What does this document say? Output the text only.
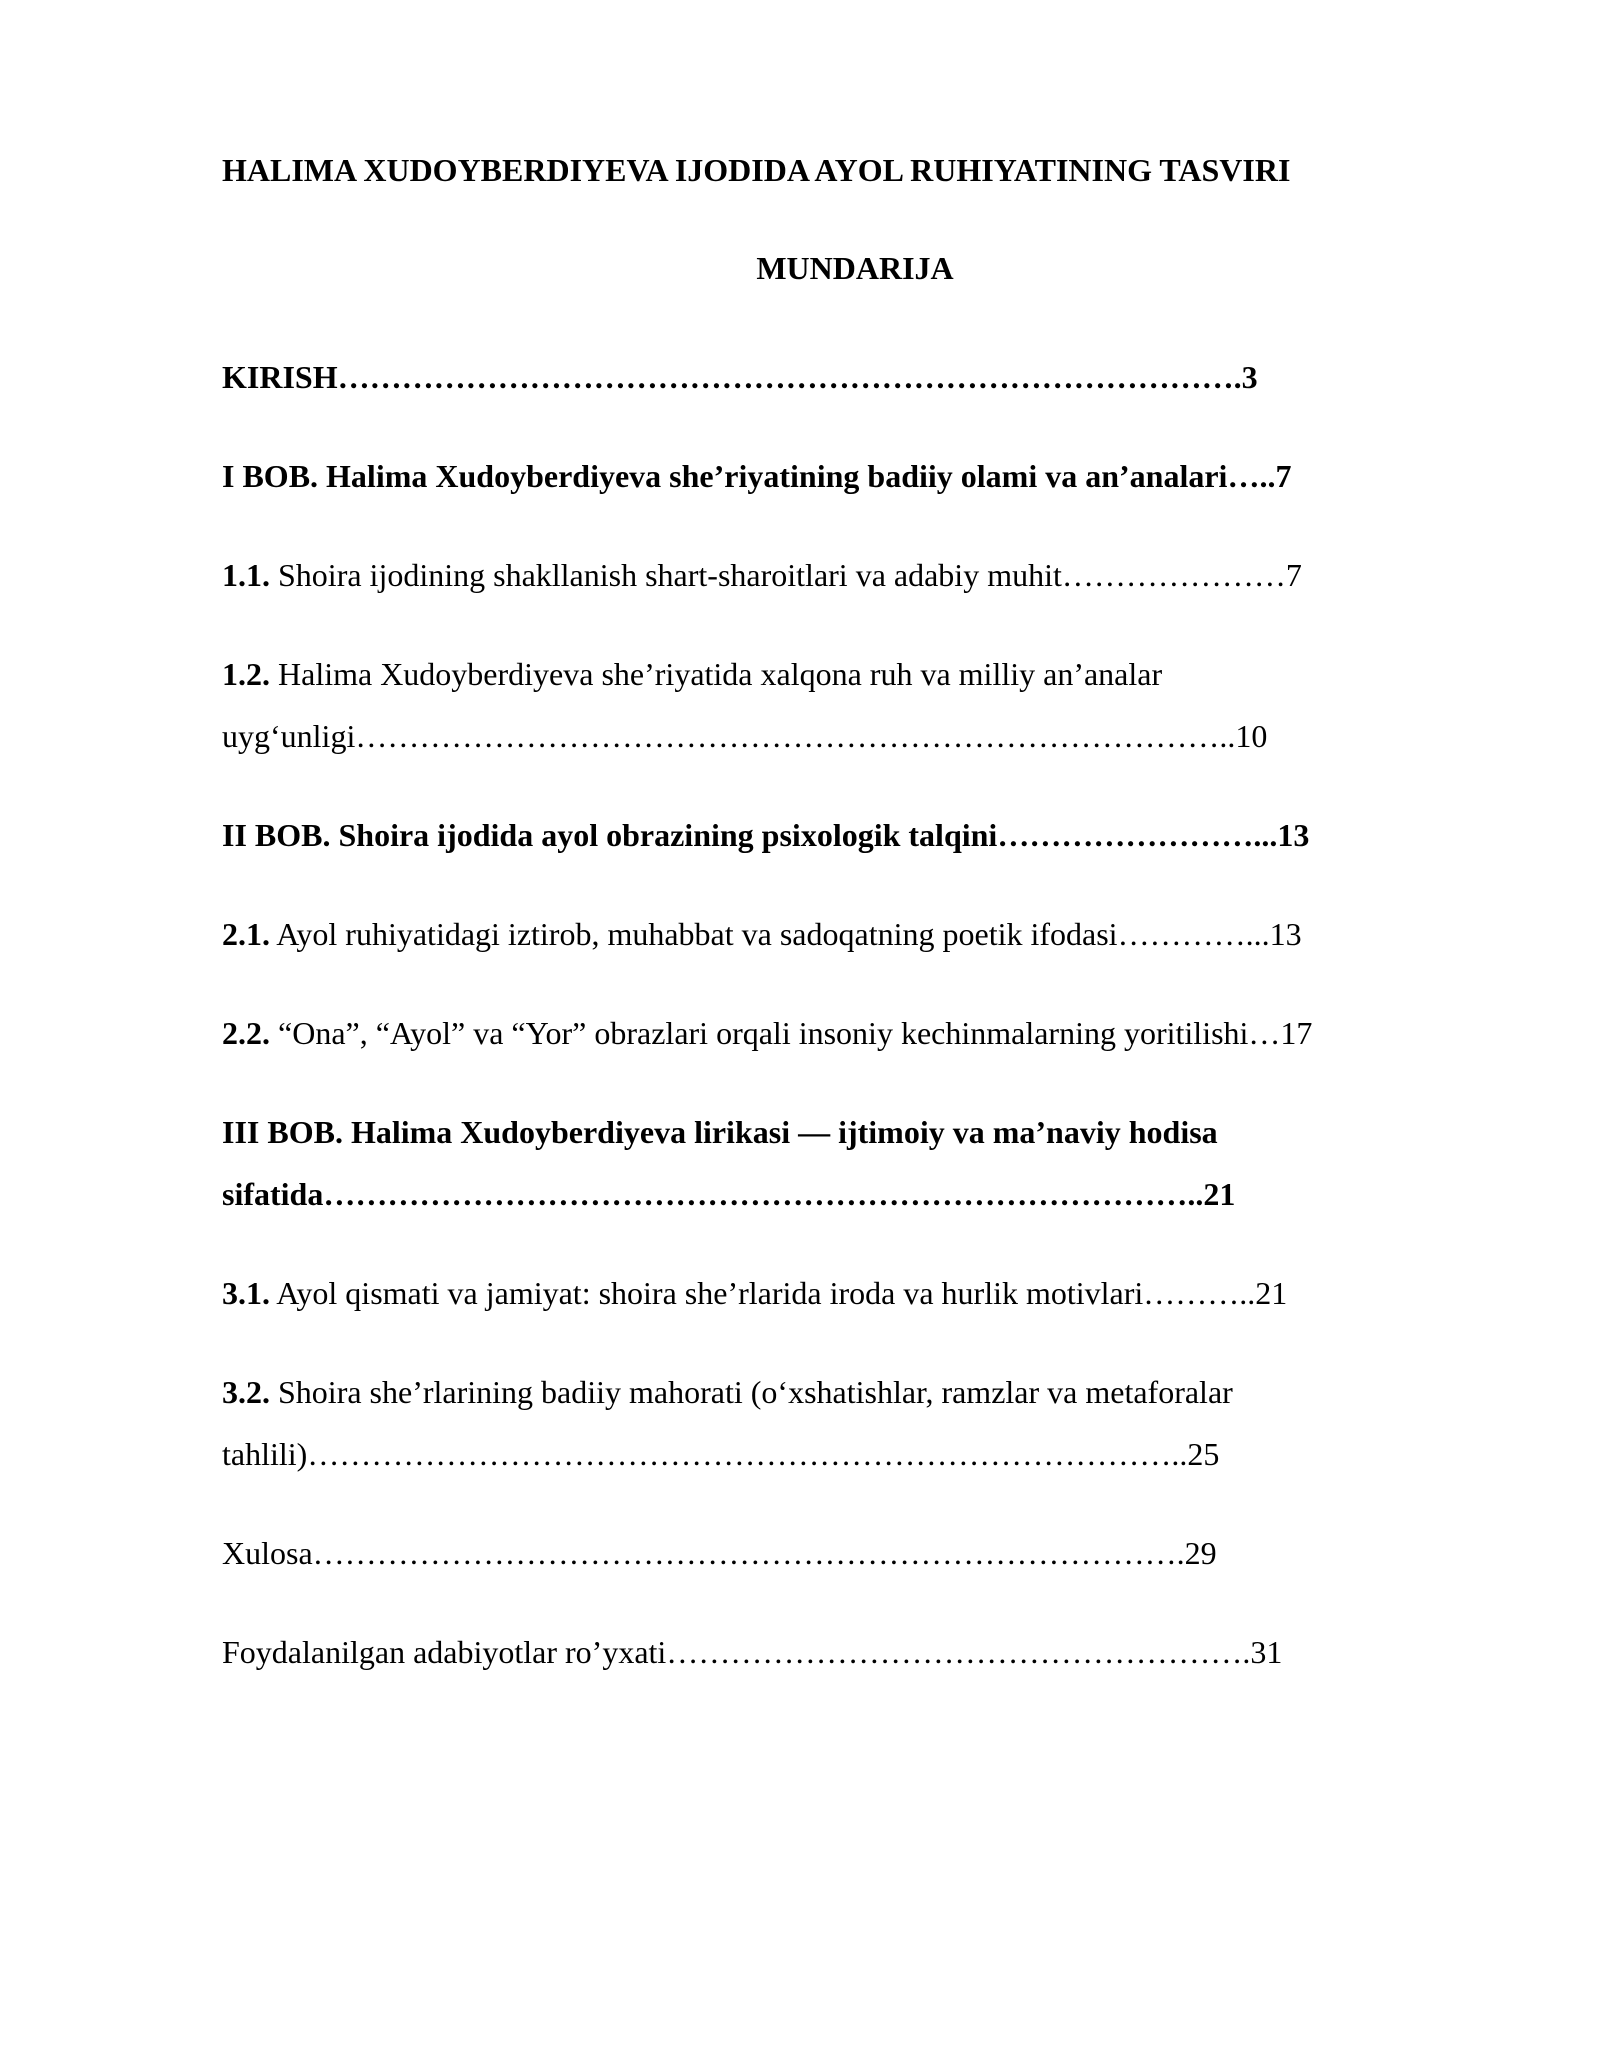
HALIMA XUDOYBERDIYEVA IJODIDA AYOL RUHIYATINING TASVIRI
MUNDARIJA
KIRISH………………………………………………………………………….3
I BOB. Halima Xudoyberdiyeva she’riyatining badiiy olami va an’analari…..7
1.1. Shoira ijodining shakllanish shart-sharoitlari va adabiy muhit…………………7
1.2. Halima Xudoyberdiyeva she’riyatida xalqona ruh va milliy an’analar uyg‘unligi………………………………………………………………………..10
II BOB. Shoira ijodida ayol obrazining psixologik talqini……………………...13
2.1. Ayol ruhiyatidagi iztirob, muhabbat va sadoqatning poetik ifodasi…………...13
2.2. “Ona”, “Ayol” va “Yor” obrazlari orqali insoniy kechinmalarning yoritilishi…17
III BOB. Halima Xudoyberdiyeva lirikasi — ijtimoiy va ma’naviy hodisa sifatida………………………………………………………………………..21
3.1. Ayol qismati va jamiyat: shoira she’rlarida iroda va hurlik motivlari………..21
3.2. Shoira she’rlarining badiiy mahorati (o‘xshatishlar, ramzlar va metaforalar tahlili)………………………………………………………………………..25
Xulosa……………………………………………………………………….29
Foydalanilgan adabiyotlar ro’yxati……………………………………………….31
